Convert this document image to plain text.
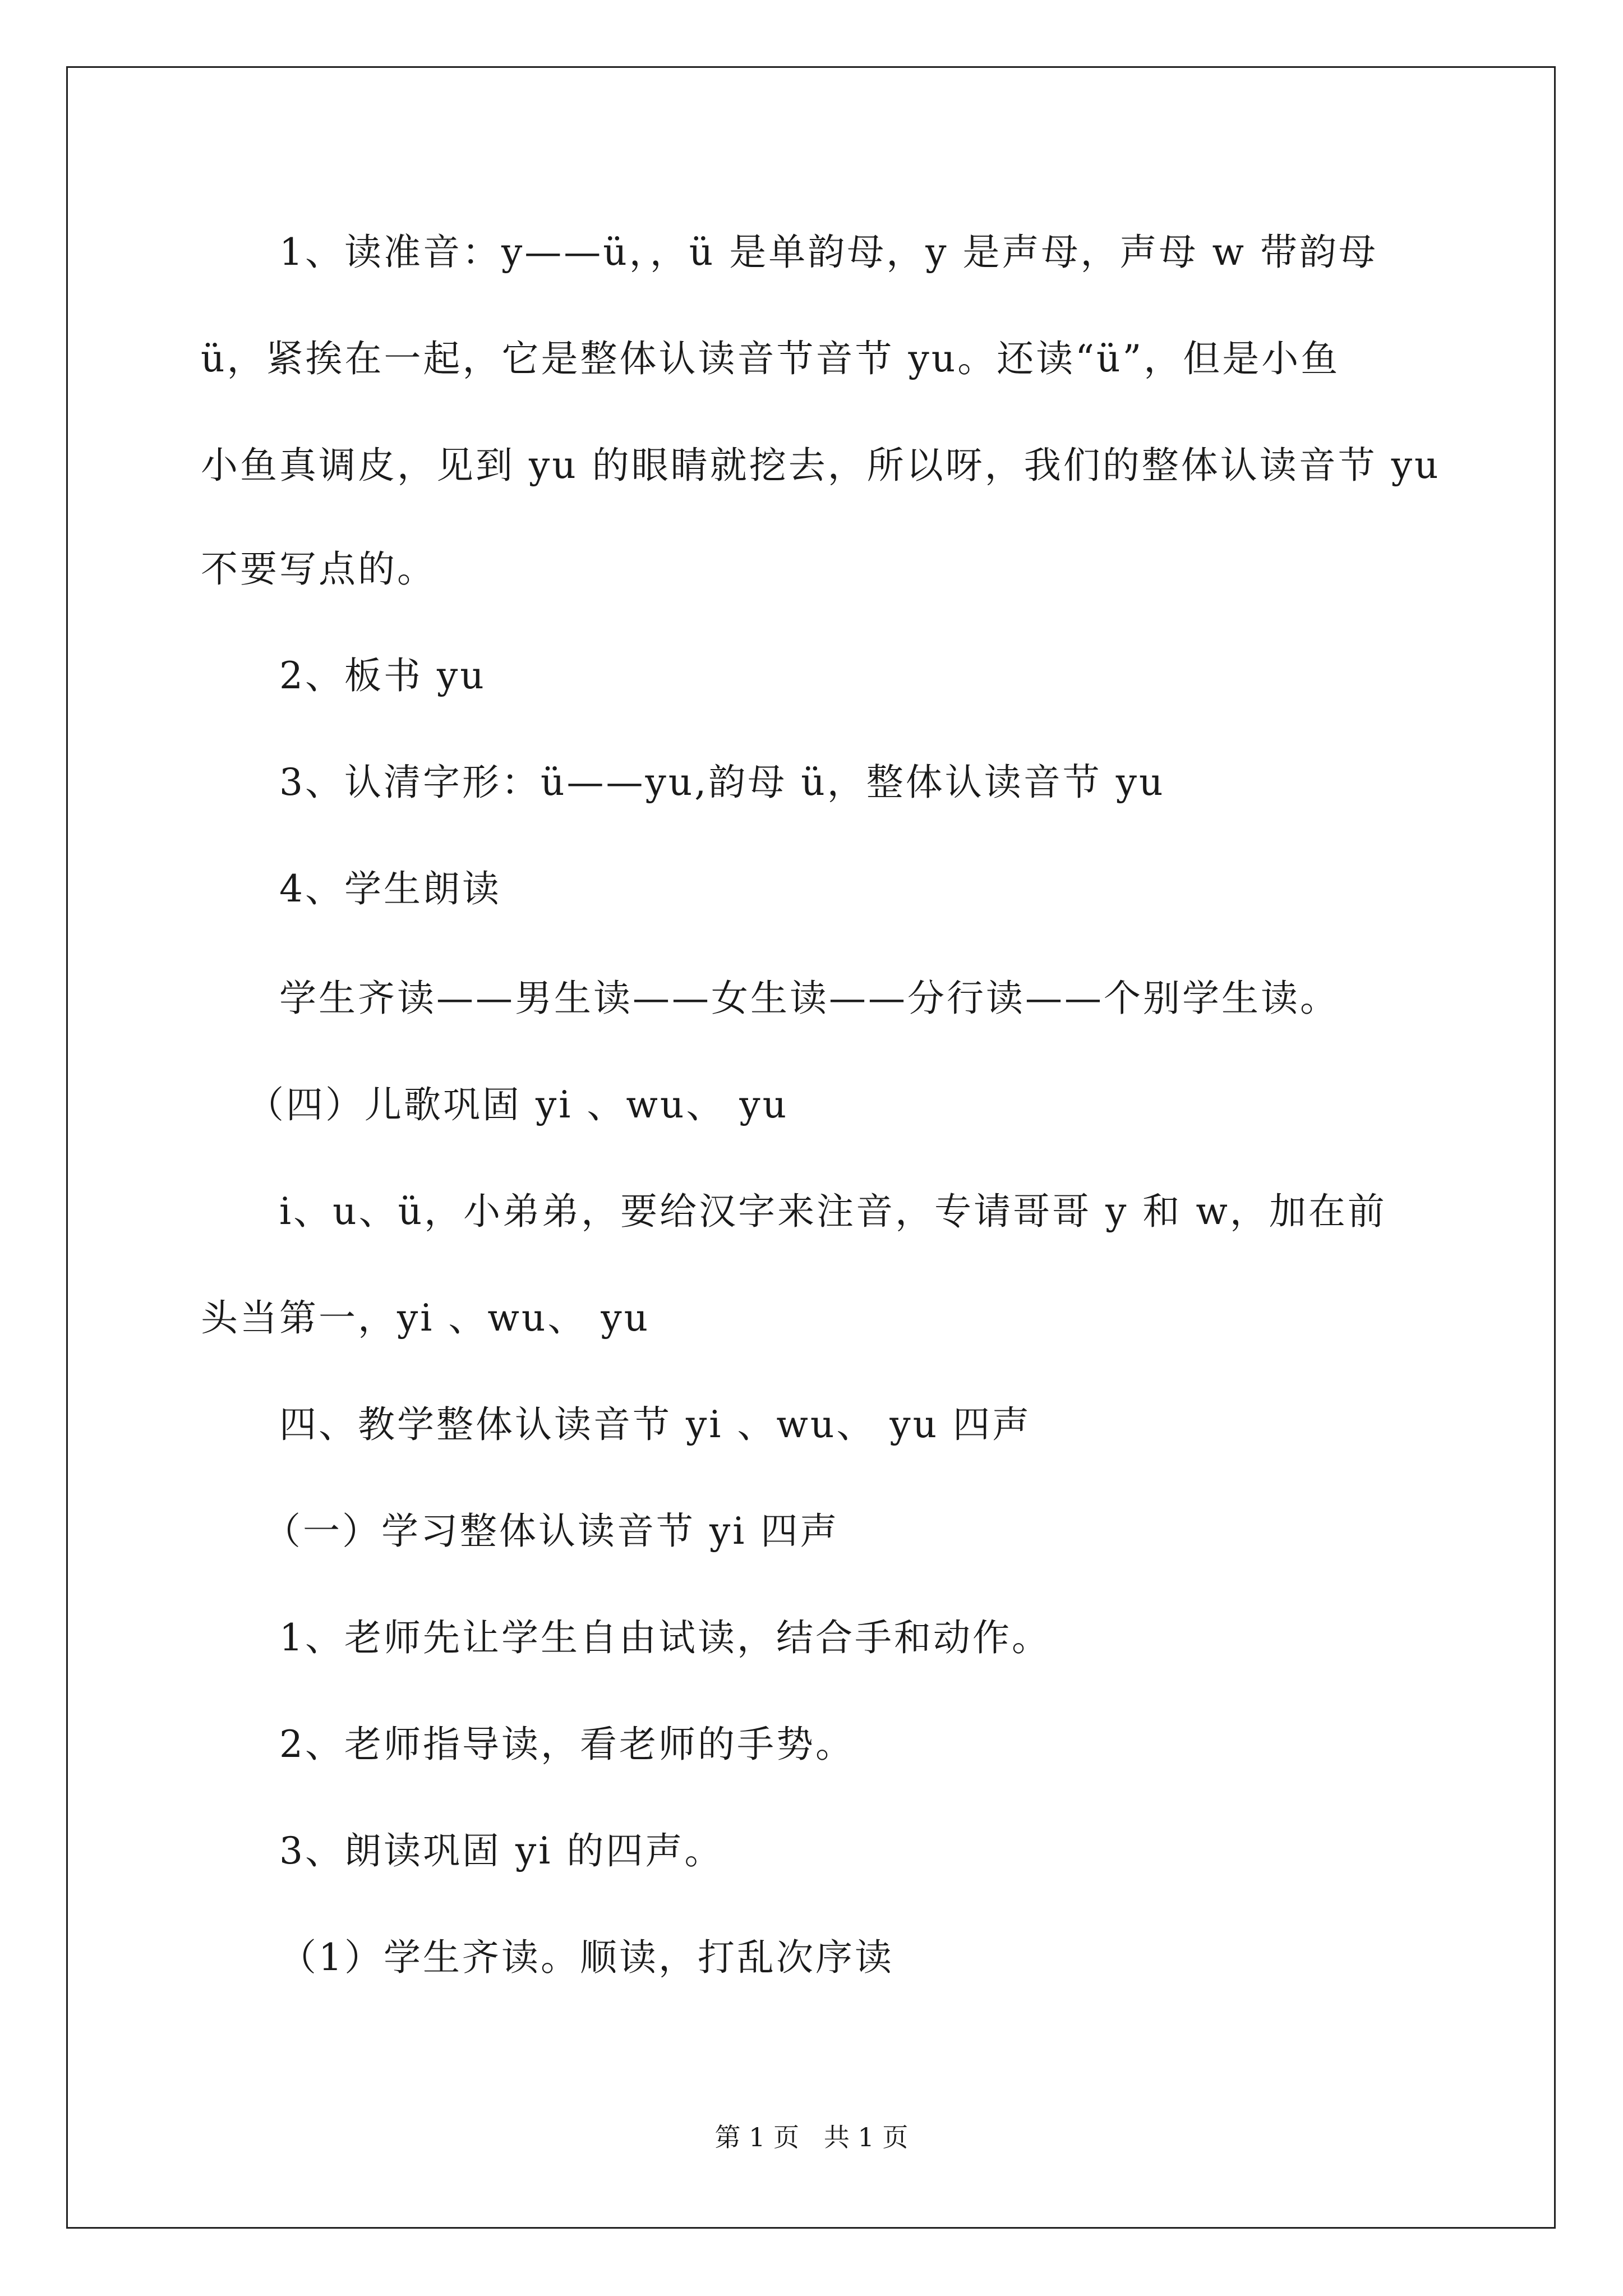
1、读准音：y——ü，，ü 是单韵母，y 是声母，声母 w 带韵母
ü，紧挨在一起，它是整体认读音节音节 yu。还读“ü”，但是小鱼
小鱼真调皮，见到 yu 的眼睛就挖去，所以呀，我们的整体认读音节 yu
不要写点的。
2、板书 yu
3、认清字形：ü——yu,韵母 ü，整体认读音节 yu
4、学生朗读
学生齐读——男生读——女生读——分行读——个别学生读。
（四）儿歌巩固 yi 、wu、 yu
i、u、ü，小弟弟，要给汉字来注音，专请哥哥 y 和 w，加在前
头当第一，yi 、wu、 yu
四、教学整体认读音节 yi 、wu、 yu 四声
（一）学习整体认读音节 yi 四声
1、老师先让学生自由试读，结合手和动作。
2、老师指导读，看老师的手势。
3、朗读巩固 yi 的四声。
（1）学生齐读。顺读，打乱次序读
第 1 页   共 1 页
